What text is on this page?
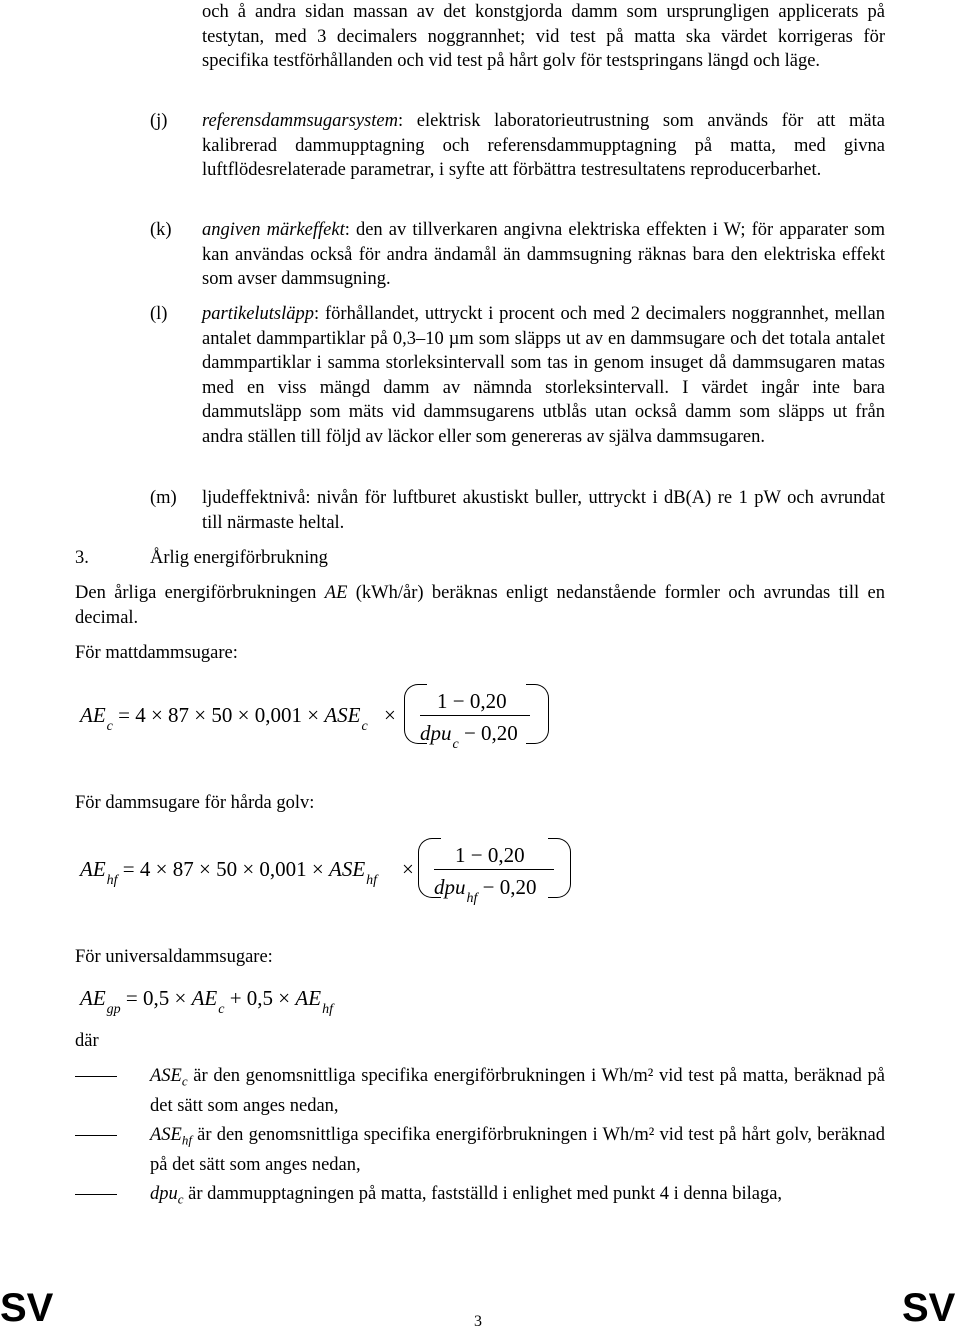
och å andra sidan massan av det konstgjorda damm som ursprungligen applicerats på testytan, med 3 decimalers noggrannhet; vid test på matta ska värdet korrigeras för specifika testförhållanden och vid test på hårt golv för testspringans längd och läge.
(j) referensdammsugarsystem: elektrisk laboratorieutrustning som används för att mäta kalibrerad dammupptagning och referensdammupptagning på matta, med givna luftflödesrelaterade parametrar, i syfte att förbättra testresultatens reproducerbarhet.
(k) angiven märkeffekt: den av tillverkaren angivna elektriska effekten i W; för apparater som kan användas också för andra ändamål än dammsugning räknas bara den elektriska effekt som avser dammsugning.
(l) partikelutsläpp: förhållandet, uttryckt i procent och med 2 decimalers noggrannhet, mellan antalet dammpartiklar på 0,3–10 µm som släpps ut av en dammsugare och det totala antalet dammpartiklar i samma storleksintervall som tas in genom insuget då dammsugaren matas med en viss mängd damm av nämnda storleksintervall. I värdet ingår inte bara dammutsläpp som mäts vid dammsugarens utblås utan också damm som släpps ut från andra ställen till följd av läckor eller som genereras av själva dammsugaren.
(m) ljudeffektnivå: nivån för luftburet akustiskt buller, uttryckt i dB(A) re 1 pW och avrundat till närmaste heltal.
3.	Årlig energiförbrukning
Den årliga energiförbrukningen AE (kWh/år) beräknas enligt nedanstående formler och avrundas till en decimal.
För mattdammsugare:
$AE_c = 4 \times 87 \times 50 \times 0,001 \times ASE_c$ ×
1 − 0,20
dpu$_c$ − 0,20
För dammsugare för hårda golv:
$AE_{hf} = 4 \times 87 \times 50 \times 0,001 \times ASE_{hf}$ ×
1 − 0,20
dpu$_{hf}$ − 0,20
För universaldammsugare:
$AE_{gp} = 0,5 \times AE_c + 0,5 \times AE_{hf}$
där
$ASE_c$ är den genomsnittliga specifika energiförbrukningen i Wh/m² vid test på matta, beräknad på det sätt som anges nedan,
$ASE_{hf}$ är den genomsnittliga specifika energiförbrukningen i Wh/m² vid test på hårt golv, beräknad på det sätt som anges nedan,
dpu$_c$ är dammupptagningen på matta, fastställd i enlighet med punkt 4 i denna bilaga,
SV	3	SV
